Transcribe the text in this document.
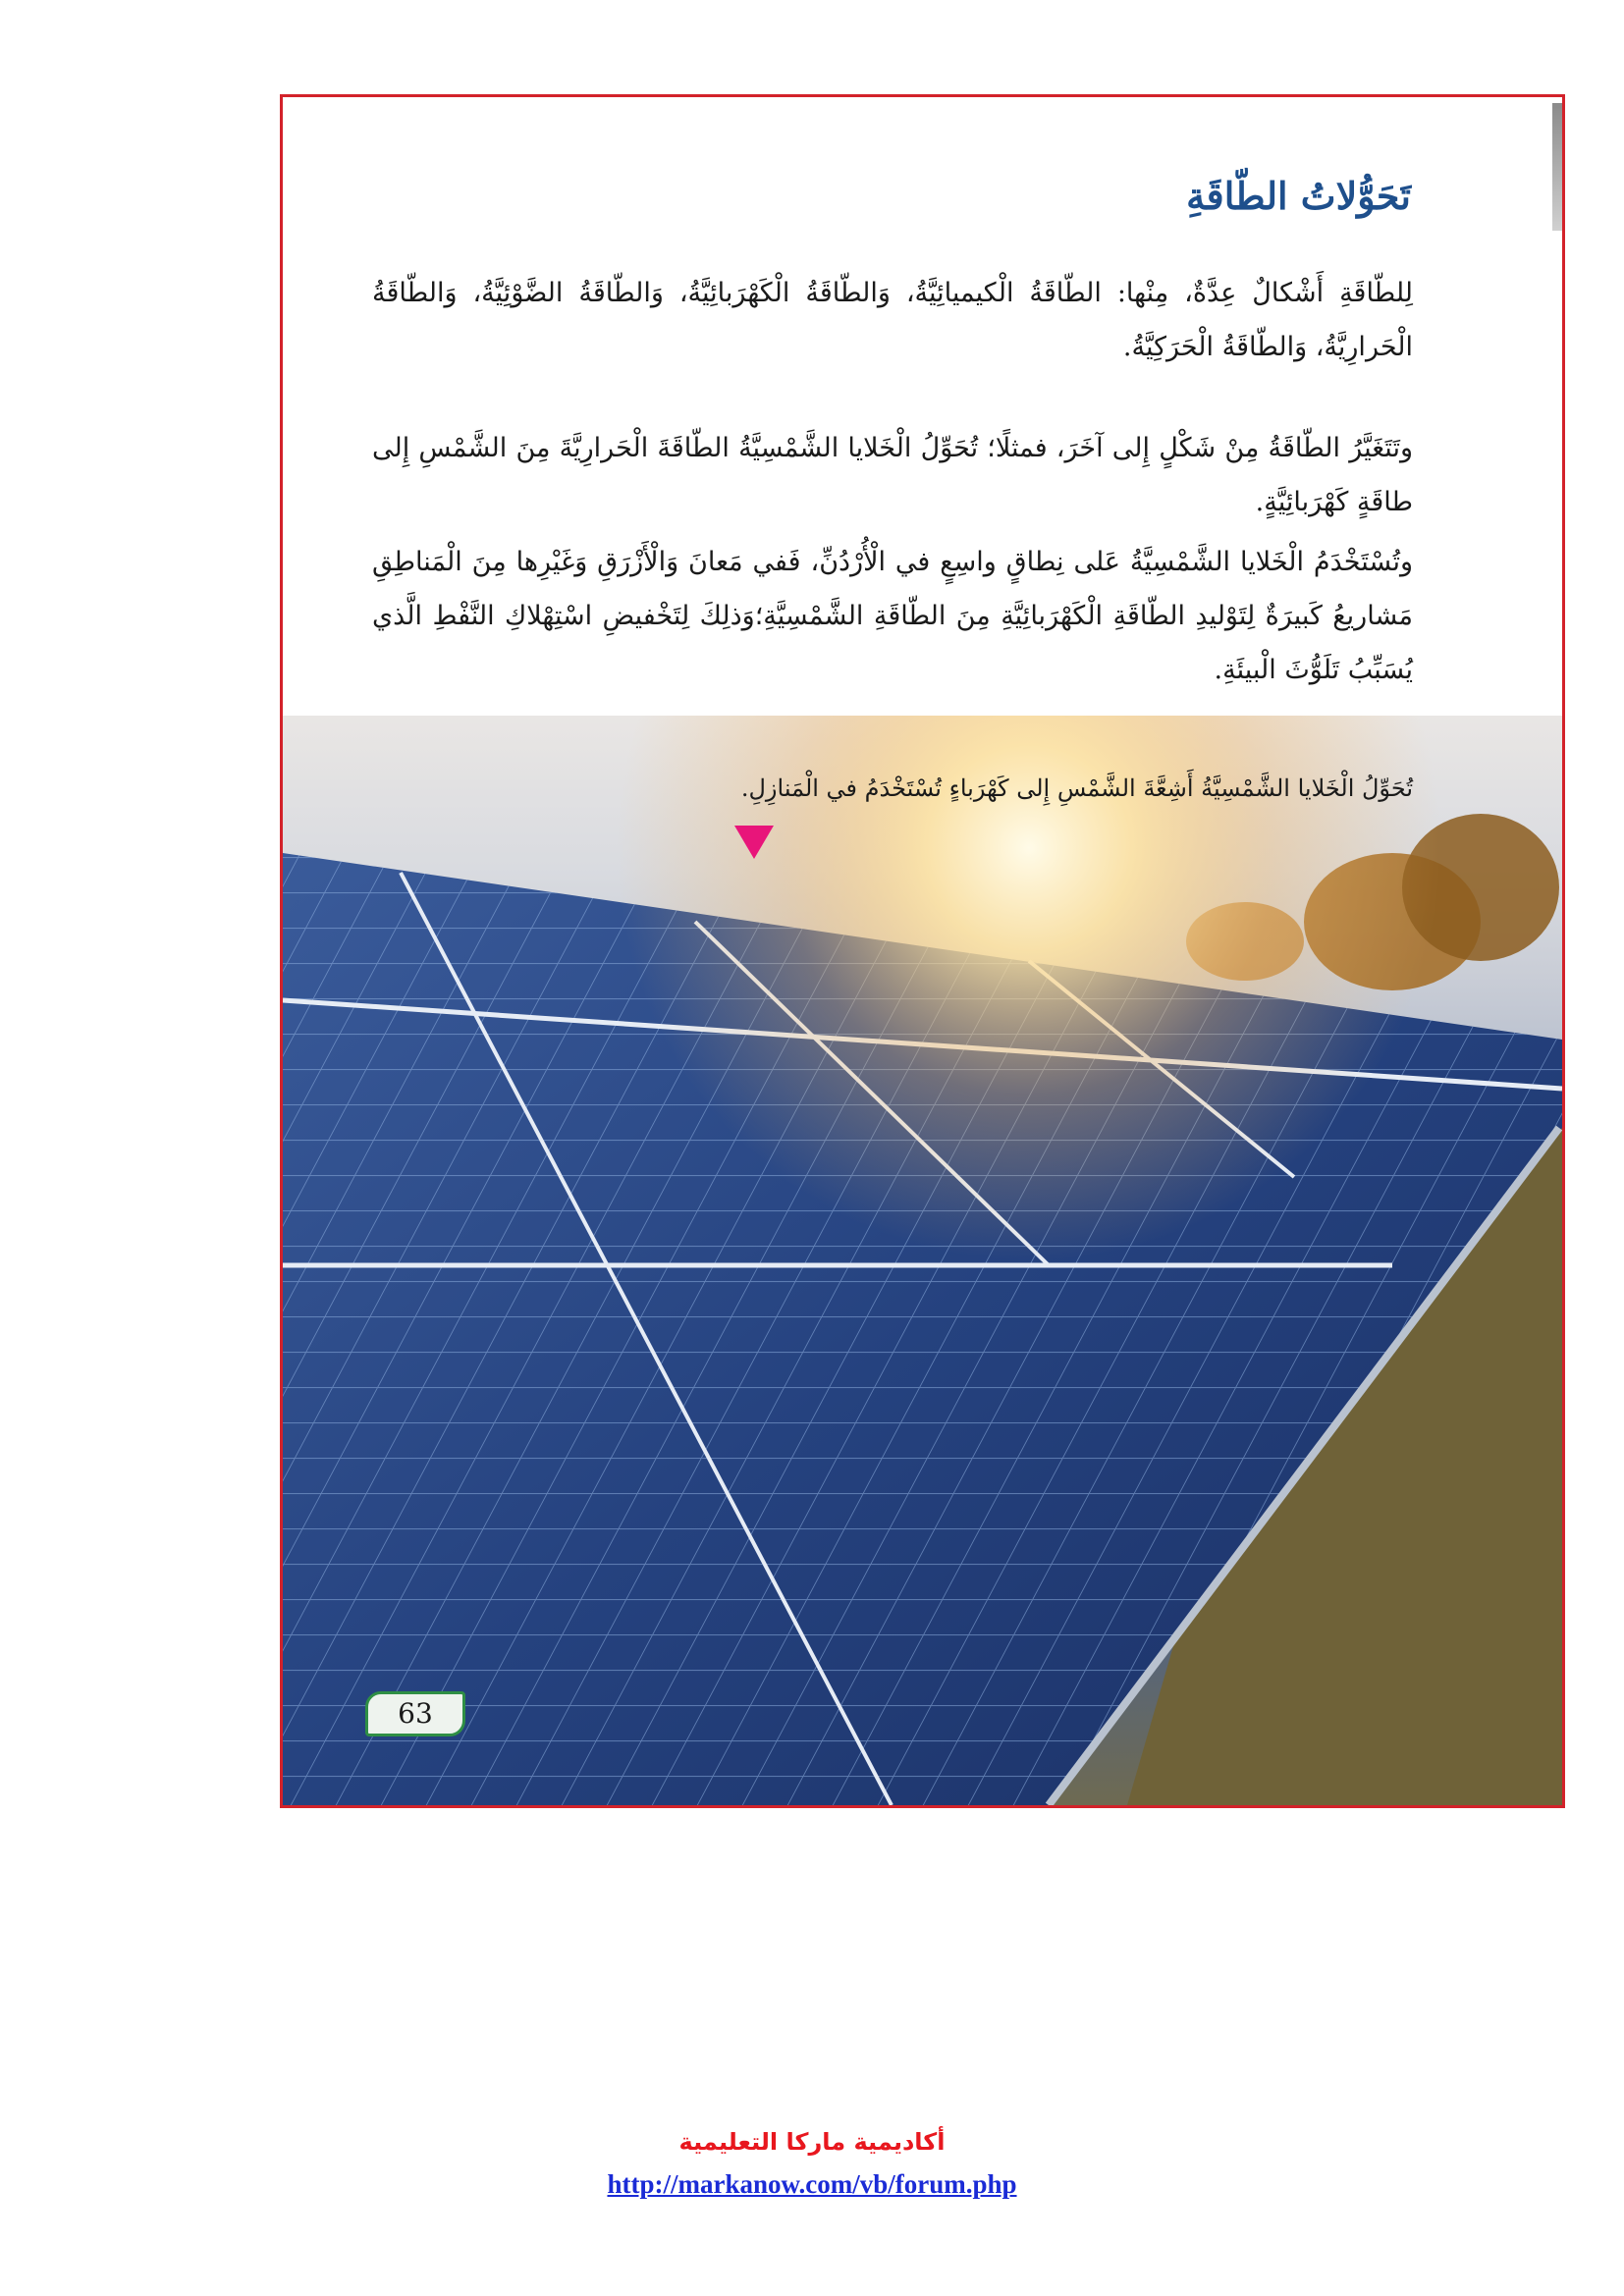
تَحَوُّلاتُ الطّاقَةِ

لِلطّاقَةِ أَشْكالٌ عِدَّةٌ، مِنْها: الطّاقَةُ الْكيميائِيَّةُ، وَالطّاقَةُ الْكَهْرَبائِيَّةُ، وَالطّاقَةُ الضَّوْئِيَّةُ، وَالطّاقَةُ الْحَرارِيَّةُ، وَالطّاقَةُ الْحَرَكِيَّةُ.

وتَتَغَيَّرُ الطّاقَةُ مِنْ شَكْلٍ إِلى آخَرَ، فمثلًا؛ تُحَوِّلُ الْخَلايا الشَّمْسِيَّةُ الطّاقَةَ الْحَرارِيَّةَ مِنَ الشَّمْسِ إِلى طاقَةٍ كَهْرَبائِيَّةٍ.

وتُسْتَخْدَمُ الْخَلايا الشَّمْسِيَّةُ عَلى نِطاقٍ واسِعٍ في الْأُرْدُنِّ، فَفي مَعانَ وَالْأَزْرَقِ وَغَيْرِها مِنَ الْمَناطِقِ مَشاريعُ كَبيرَةٌ لِتَوْليدِ الطّاقَةِ الْكَهْرَبائِيَّةِ مِنَ الطّاقَةِ الشَّمْسِيَّةِ؛وَذلِكَ لِتَخْفيضِ اسْتِهْلاكِ النَّفْطِ الَّذي يُسَبِّبُ تَلَوُّثَ الْبيئَةِ.

تُحَوِّلُ الْخَلايا الشَّمْسِيَّةُ أَشِعَّةَ الشَّمْسِ إِلى كَهْرَباءٍ تُسْتَخْدَمُ في الْمَنازِلِ.
63
أكاديمية ماركا التعليمية
http://markanow.com/vb/forum.php
